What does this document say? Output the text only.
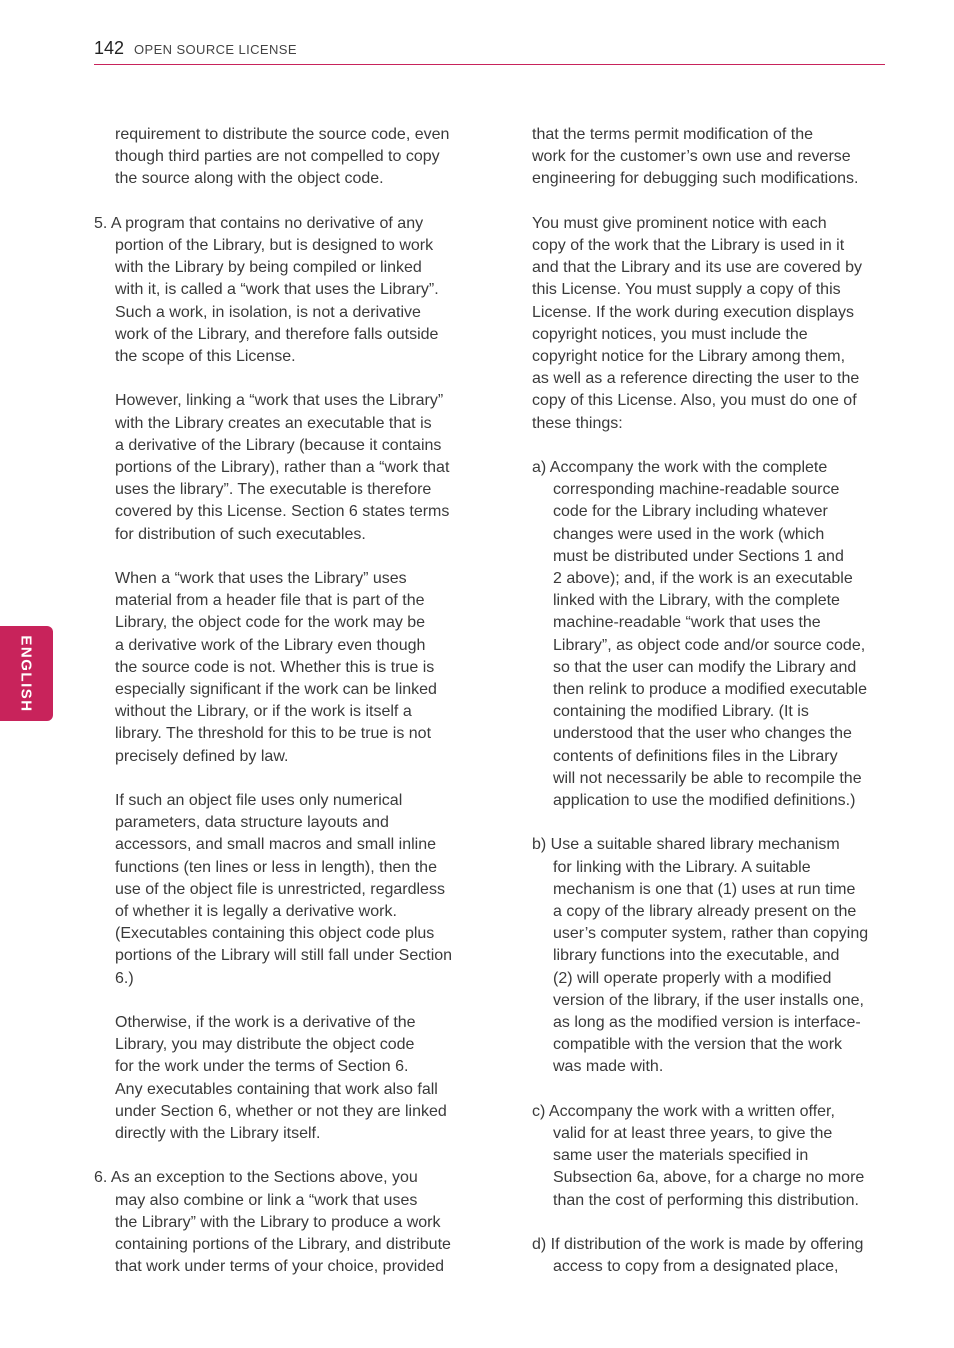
142 OPEN SOURCE LICENSE
ENGLISH
requirement to distribute the source code, even
though third parties are not compelled to copy
the source along with the object code.
5. A program that contains no derivative of any
portion of the Library, but is designed to work
with the Library by being compiled or linked
with it, is called a “work that uses the Library”.
Such a work, in isolation, is not a derivative
work of the Library, and therefore falls outside
the scope of this License.
However, linking a “work that uses the Library”
with the Library creates an executable that is
a derivative of the Library (because it contains
portions of the Library), rather than a “work that
uses the library”. The executable is therefore
covered by this License. Section 6 states terms
for distribution of such executables.
When a “work that uses the Library” uses
material from a header file that is part of the
Library, the object code for the work may be
a derivative work of the Library even though
the source code is not. Whether this is true is
especially significant if the work can be linked
without the Library, or if the work is itself a
library. The threshold for this to be true is not
precisely defined by law.
If such an object file uses only numerical
parameters, data structure layouts and
accessors, and small macros and small inline
functions (ten lines or less in length), then the
use of the object file is unrestricted, regardless
of whether it is legally a derivative work.
(Executables containing this object code plus
portions of the Library will still fall under Section
6.)
Otherwise, if the work is a derivative of the
Library, you may distribute the object code
for the work under the terms of Section 6.
Any executables containing that work also fall
under Section 6, whether or not they are linked
directly with the Library itself.
6. As an exception to the Sections above, you
may also combine or link a “work that uses
the Library” with the Library to produce a work
containing portions of the Library, and distribute
that work under terms of your choice, provided
that the terms permit modification of the
work for the customer’s own use and reverse
engineering for debugging such modifications.
You must give prominent notice with each
copy of the work that the Library is used in it
and that the Library and its use are covered by
this License. You must supply a copy of this
License. If the work during execution displays
copyright notices, you must include the
copyright notice for the Library among them,
as well as a reference directing the user to the
copy of this License. Also, you must do one of
these things:
a) Accompany the work with the complete
corresponding machine-readable source
code for the Library including whatever
changes were used in the work (which
must be distributed under Sections 1 and
2 above); and, if the work is an executable
linked with the Library, with the complete
machine-readable “work that uses the
Library”, as object code and/or source code,
so that the user can modify the Library and
then relink to produce a modified executable
containing the modified Library. (It is
understood that the user who changes the
contents of definitions files in the Library
will not necessarily be able to recompile the
application to use the modified definitions.)
b) Use a suitable shared library mechanism
for linking with the Library. A suitable
mechanism is one that (1) uses at run time
a copy of the library already present on the
user’s computer system, rather than copying
library functions into the executable, and
(2) will operate properly with a modified
version of the library, if the user installs one,
as long as the modified version is interface-
compatible with the version that the work
was made with.
c) Accompany the work with a written offer,
valid for at least three years, to give the
same user the materials specified in
Subsection 6a, above, for a charge no more
than the cost of performing this distribution.
d) If distribution of the work is made by offering
access to copy from a designated place,
